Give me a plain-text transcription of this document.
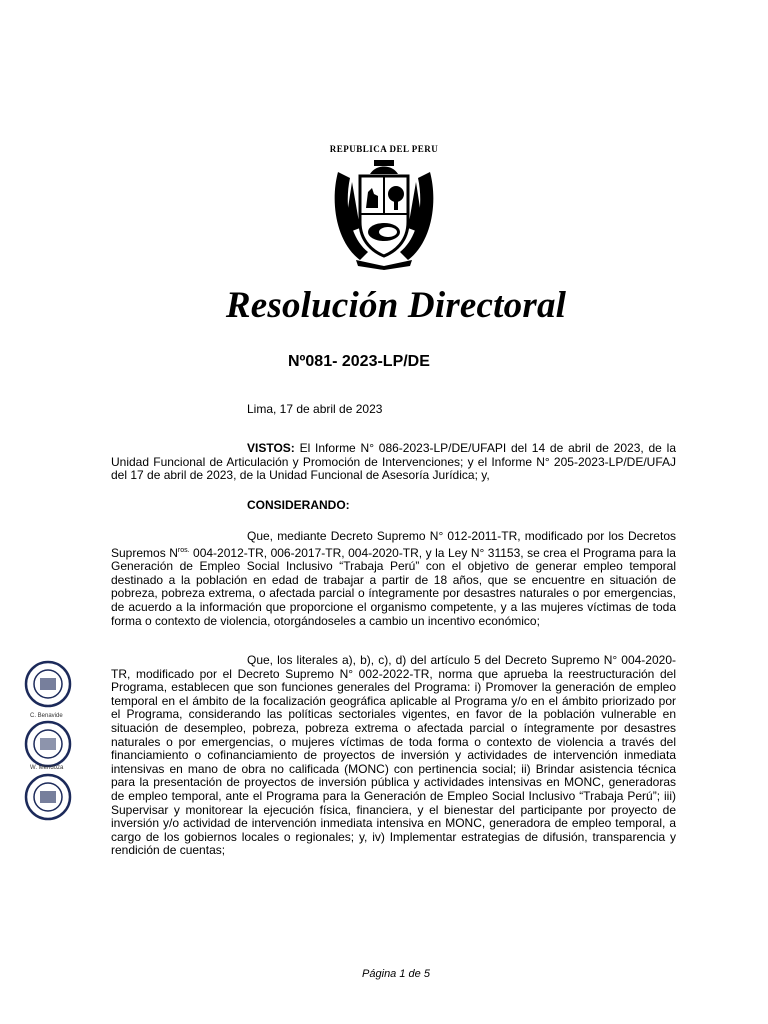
REPUBLICA DEL PERU
Resolución Directoral
Nº081- 2023-LP/DE
Lima, 17 de abril de 2023
VISTOS: El Informe N° 086-2023-LP/DE/UFAPI del 14 de abril de 2023, de la Unidad Funcional de Articulación y Promoción de Intervenciones; y el Informe N° 205-2023-LP/DE/UFAJ del 17 de abril de 2023, de la Unidad Funcional de Asesoría Jurídica; y,
CONSIDERANDO:
Que, mediante Decreto Supremo N° 012-2011-TR, modificado por los Decretos Supremos $N^{ros.}$ 004-2012-TR, 006-2017-TR, 004-2020-TR, y la Ley N° 31153, se crea el Programa para la Generación de Empleo Social Inclusivo “Trabaja Perú” con el objetivo de generar empleo temporal destinado a la población en edad de trabajar a partir de 18 años, que se encuentre en situación de pobreza, pobreza extrema, o afectada parcial o íntegramente por desastres naturales o por emergencias, de acuerdo a la información que proporcione el organismo competente, y a las mujeres víctimas de toda forma o contexto de violencia, otorgándoseles a cambio un incentivo económico;
Que, los literales a), b), c), d) del artículo 5 del Decreto Supremo N° 004-2020-TR, modificado por el Decreto Supremo N° 002-2022-TR, norma que aprueba la reestructuración del Programa, establecen que son funciones generales del Programa: i) Promover la generación de empleo temporal en el ámbito de la focalización geográfica aplicable al Programa y/o en el ámbito priorizado por el Programa, considerando las políticas sectoriales vigentes, en favor de la población vulnerable en situación de desempleo, pobreza, pobreza extrema o afectada parcial o íntegramente por desastres naturales o por emergencias, o mujeres víctimas de toda forma o contexto de violencia a través del financiamiento o cofinanciamiento de proyectos de inversión y actividades de intervención inmediata intensivas en mano de obra no calificada (MONC) con pertinencia social; ii) Brindar asistencia técnica para la presentación de proyectos de inversión pública y actividades intensivas en MONC, generadoras de empleo temporal, ante el Programa para la Generación de Empleo Social Inclusivo “Trabaja Perú”; iii) Supervisar y monitorear la ejecución física, financiera, y el bienestar del participante por proyecto de inversión y/o actividad de intervención inmediata intensiva en MONC, generadora de empleo temporal, a cargo de los gobiernos locales o regionales; y, iv) Implementar estrategias de difusión, transparencia y rendición de cuentas;
C. Benavide
W. Mendoza
Página 1 de 5
